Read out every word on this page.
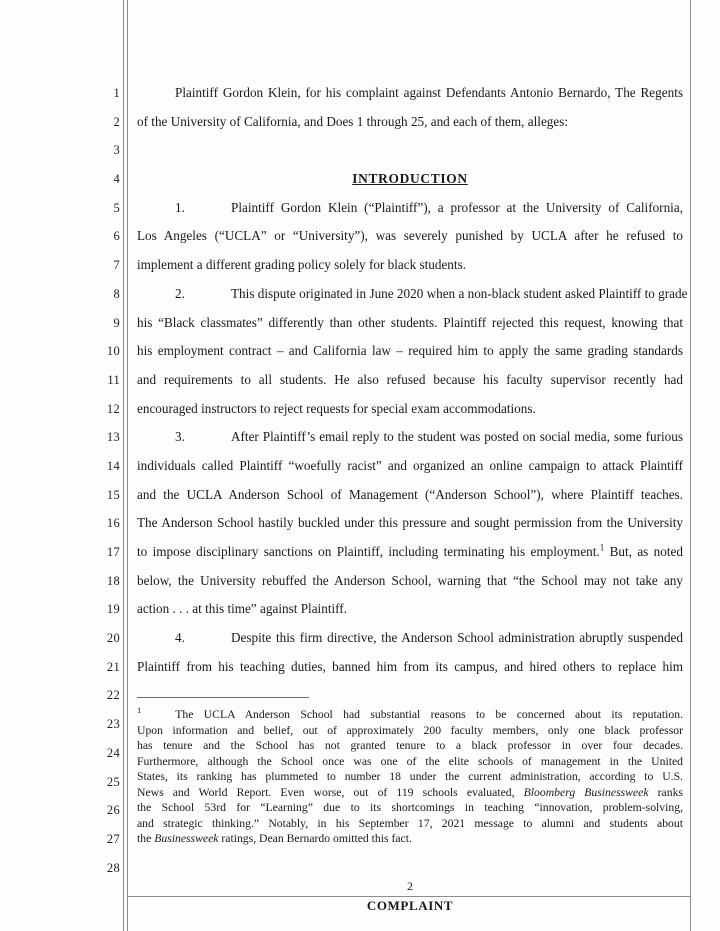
1
2
3
4
5
6
7
8
9
10
11
12
13
14
15
16
17
18
19
20
21
22
23
24
25
26
27
28
Plaintiff Gordon Klein, for his complaint against Defendants Antonio Bernardo, The Regents
of the University of California, and Does 1 through 25, and each of them, alleges:

INTRODUCTION
1.	Plaintiff Gordon Klein (“Plaintiff”), a professor at the University of California,
Los Angeles (“UCLA” or “University”), was severely punished by UCLA after he refused to
implement a different grading policy solely for black students.
2.	This dispute originated in June 2020 when a non-black student asked Plaintiff to grade
his “Black classmates” differently than other students. Plaintiff rejected this request, knowing that
his employment contract – and California law – required him to apply the same grading standards
and requirements to all students. He also refused because his faculty supervisor recently had
encouraged instructors to reject requests for special exam accommodations.
3.	After Plaintiff’s email reply to the student was posted on social media, some furious
individuals called Plaintiff “woefully racist” and organized an online campaign to attack Plaintiff
and the UCLA Anderson School of Management (“Anderson School”), where Plaintiff teaches.
The Anderson School hastily buckled under this pressure and sought permission from the University
to impose disciplinary sanctions on Plaintiff, including terminating his employment.$^1$ But, as noted
below, the University rebuffed the Anderson School, warning that “the School may not take any
action . . . at this time” against Plaintiff.
4.	Despite this firm directive, the Anderson School administration abruptly suspended
Plaintiff from his teaching duties, banned him from its campus, and hired others to replace him
$^1$	The UCLA Anderson School had substantial reasons to be concerned about its reputation.
Upon information and belief, out of approximately 200 faculty members, only one black professor
has tenure and the School has not granted tenure to a black professor in over four decades.
Furthermore, although the School once was one of the elite schools of management in the United
States, its ranking has plummeted to number 18 under the current administration, according to U.S.
News and World Report. Even worse, out of 119 schools evaluated, Bloomberg Businessweek ranks
the School 53rd for “Learning” due to its shortcomings in teaching “innovation, problem-solving,
and strategic thinking.” Notably, in his September 17, 2021 message to alumni and students about
the Businessweek ratings, Dean Bernardo omitted this fact.
2
COMPLAINT
